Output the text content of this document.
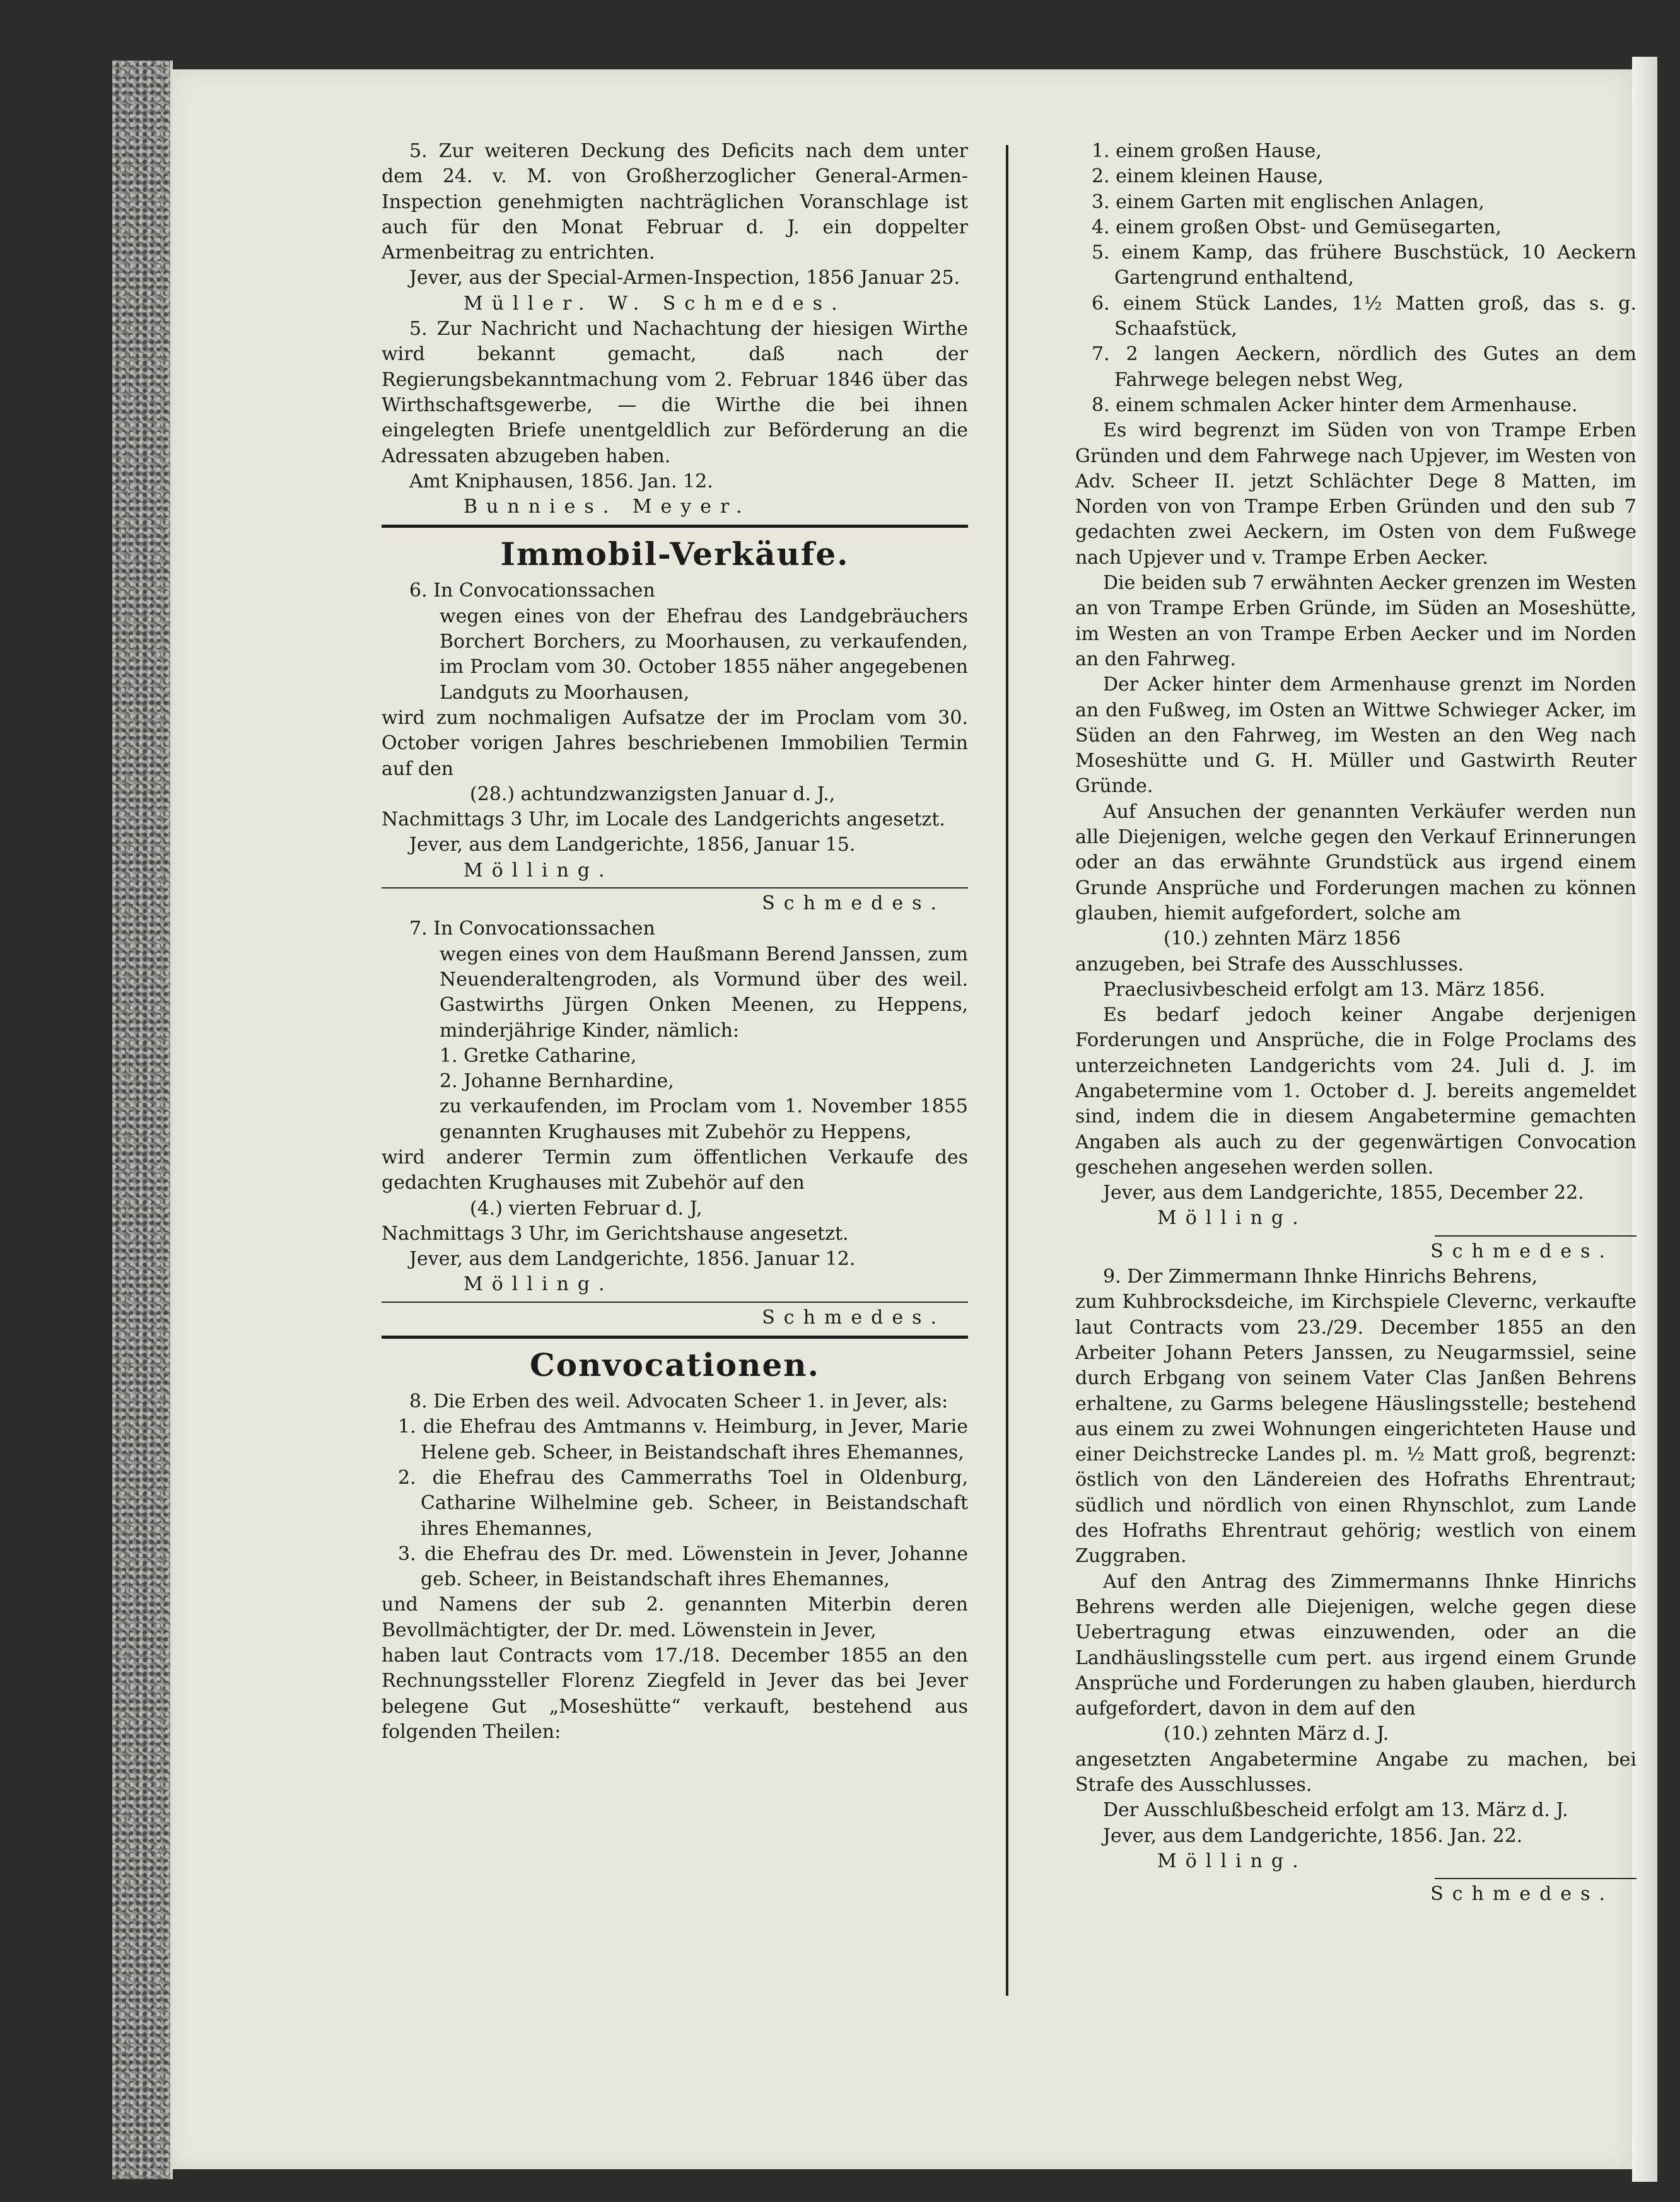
5. Zur weiteren Deckung des Deficits nach dem unter dem 24. v. M. von Großherzoglicher General-Armen-Inspection genehmigten nachträglichen Voranschlage ist auch für den Monat Februar d. J. ein doppelter Armenbeitrag zu entrichten.

Jever, aus der Special-Armen-Inspection, 1856 Januar 25.

Müller. W. Schmedes.

5. Zur Nachricht und Nachachtung der hiesigen Wirthe wird bekannt gemacht, daß nach der Regierungsbekanntmachung vom 2. Februar 1846 über das Wirthschaftsgewerbe, — die Wirthe die bei ihnen eingelegten Briefe unentgeldlich zur Beförderung an die Adressaten abzugeben haben.

Amt Kniphausen, 1856. Jan. 12.

Bunnies. Meyer.

Immobil-Verkäufe.

6. In Convocationssachen

wegen eines von der Ehefrau des Landgebräuchers Borchert Borchers, zu Moorhausen, zu verkaufenden, im Proclam vom 30. October 1855 näher angegebenen Landguts zu Moorhausen,

wird zum nochmaligen Aufsatze der im Proclam vom 30. October vorigen Jahres beschriebenen Immobilien Termin auf den

(28.) achtundzwanzigsten Januar d. J.,

Nachmittags 3 Uhr, im Locale des Landgerichts angesetzt.

Jever, aus dem Landgerichte, 1856, Januar 15.

Mölling.

Schmedes.

7. In Convocationssachen

wegen eines von dem Haußmann Berend Janssen, zum Neuenderaltengroden, als Vormund über des weil. Gastwirths Jürgen Onken Meenen, zu Heppens, minderjährige Kinder, nämlich:

1. Gretke Catharine,

2. Johanne Bernhardine,

zu verkaufenden, im Proclam vom 1. November 1855 genannten Krughauses mit Zubehör zu Heppens,

wird anderer Termin zum öffentlichen Verkaufe des gedachten Krughauses mit Zubehör auf den

(4.) vierten Februar d. J,

Nachmittags 3 Uhr, im Gerichtshause angesetzt.

Jever, aus dem Landgerichte, 1856. Januar 12.

Mölling.

Schmedes.

Convocationen.

8. Die Erben des weil. Advocaten Scheer 1. in Jever, als:

1. die Ehefrau des Amtmanns v. Heimburg, in Jever, Marie Helene geb. Scheer, in Beistandschaft ihres Ehemannes,

2. die Ehefrau des Cammerraths Toel in Oldenburg, Catharine Wilhelmine geb. Scheer, in Beistandschaft ihres Ehemannes,

3. die Ehefrau des Dr. med. Löwenstein in Jever, Johanne geb. Scheer, in Beistandschaft ihres Ehemannes,

und Namens der sub 2. genannten Miterbin deren Bevollmächtigter, der Dr. med. Löwenstein in Jever,

haben laut Contracts vom 17./18. December 1855 an den Rechnungssteller Florenz Ziegfeld in Jever das bei Jever belegene Gut „Moseshütte“ verkauft, bestehend aus folgenden Theilen:

1. einem großen Hause,

2. einem kleinen Hause,

3. einem Garten mit englischen Anlagen,

4. einem großen Obst- und Gemüsegarten,

5. einem Kamp, das frühere Buschstück, 10 Aeckern Gartengrund enthaltend,

6. einem Stück Landes, 1½ Matten groß, das s. g. Schaafstück,

7. 2 langen Aeckern, nördlich des Gutes an dem Fahrwege belegen nebst Weg,

8. einem schmalen Acker hinter dem Armenhause.

Es wird begrenzt im Süden von von Trampe Erben Gründen und dem Fahrwege nach Upjever, im Westen von Adv. Scheer II. jetzt Schlächter Dege 8 Matten, im Norden von von Trampe Erben Gründen und den sub 7 gedachten zwei Aeckern, im Osten von dem Fußwege nach Upjever und v. Trampe Erben Aecker.

Die beiden sub 7 erwähnten Aecker grenzen im Westen an von Trampe Erben Gründe, im Süden an Moseshütte, im Westen an von Trampe Erben Aecker und im Norden an den Fahrweg.

Der Acker hinter dem Armenhause grenzt im Norden an den Fußweg, im Osten an Wittwe Schwieger Acker, im Süden an den Fahrweg, im Westen an den Weg nach Moseshütte und G. H. Müller und Gastwirth Reuter Gründe.

Auf Ansuchen der genannten Verkäufer werden nun alle Diejenigen, welche gegen den Verkauf Erinnerungen oder an das erwähnte Grundstück aus irgend einem Grunde Ansprüche und Forderungen machen zu können glauben, hiemit aufgefordert, solche am

(10.) zehnten März 1856

anzugeben, bei Strafe des Ausschlusses.

Praeclusivbescheid erfolgt am 13. März 1856.

Es bedarf jedoch keiner Angabe derjenigen Forderungen und Ansprüche, die in Folge Proclams des unterzeichneten Landgerichts vom 24. Juli d. J. im Angabetermine vom 1. October d. J. bereits angemeldet sind, indem die in diesem Angabetermine gemachten Angaben als auch zu der gegenwärtigen Convocation geschehen angesehen werden sollen.

Jever, aus dem Landgerichte, 1855, December 22.

Mölling.

Schmedes.

9. Der Zimmermann Ihnke Hinrichs Behrens,

zum Kuhbrocksdeiche, im Kirchspiele Clevernс, verkaufte laut Contracts vom 23./29. December 1855 an den Arbeiter Johann Peters Janssen, zu Neugarmssiel, seine durch Erbgang von seinem Vater Clas Janßen Behrens erhaltene, zu Garms belegene Häuslingsstelle; bestehend aus einem zu zwei Wohnungen eingerichteten Hause und einer Deichstrecke Landes pl. m. ½ Matt groß, begrenzt: östlich von den Ländereien des Hofraths Ehrentraut; südlich und nördlich von einen Rhynschlot, zum Lande des Hofraths Ehrentraut gehörig; westlich von einem Zuggraben.

Auf den Antrag des Zimmermanns Ihnke Hinrichs Behrens werden alle Diejenigen, welche gegen diese Uebertragung etwas einzuwenden, oder an die Landhäuslingsstelle cum pert. aus irgend einem Grunde Ansprüche und Forderungen zu haben glauben, hierdurch aufgefordert, davon in dem auf den

(10.) zehnten März d. J.

angesetzten Angabetermine Angabe zu machen, bei Strafe des Ausschlusses.

Der Ausschlußbescheid erfolgt am 13. März d. J.

Jever, aus dem Landgerichte, 1856. Jan. 22.

Mölling.

Schmedes.
